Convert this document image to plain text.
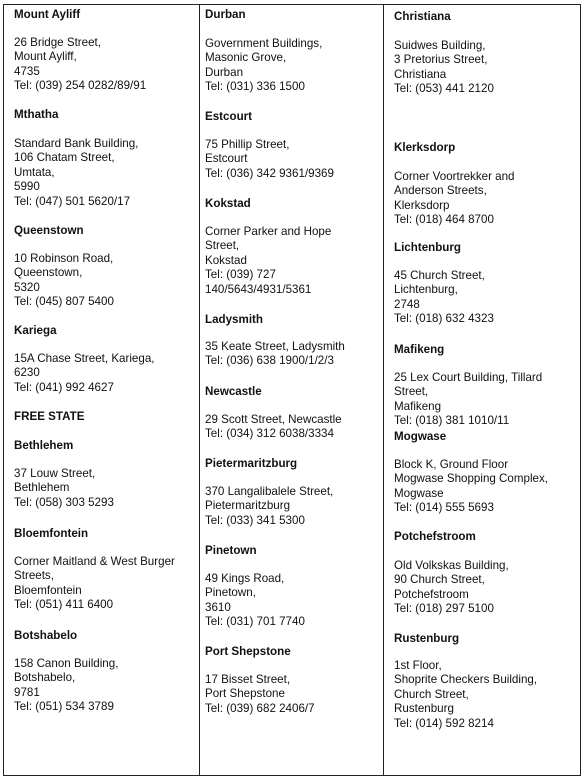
Mount Ayliff
26 Bridge Street,
Mount Ayliff,
4735
Tel: (039) 254 0282/89/91
Mthatha
Standard Bank Building,
106 Chatam Street,
Umtata,
5990
Tel: (047) 501 5620/17
Queenstown
10 Robinson Road,
Queenstown,
5320
Tel: (045) 807 5400
Kariega
15A Chase Street, Kariega,
6230
Tel: (041) 992 4627
FREE STATE
Bethlehem
37 Louw Street,
Bethlehem
Tel: (058) 303 5293
Bloemfontein
Corner Maitland & West Burger
Streets,
Bloemfontein
Tel: (051) 411 6400
Botshabelo
158 Canon Building,
Botshabelo,
9781
Tel: (051) 534 3789
Durban
Government Buildings,
Masonic Grove,
Durban
Tel: (031) 336 1500
Estcourt
75 Phillip Street,
Estcourt
Tel: (036) 342 9361/9369
Kokstad
Corner Parker and Hope
Street,
Kokstad
Tel: (039) 727
140/5643/4931/5361
Ladysmith
35 Keate Street, Ladysmith
Tel: (036) 638 1900/1/2/3
Newcastle
29 Scott Street, Newcastle
Tel: (034) 312 6038/3334
Pietermaritzburg
370 Langalibalele Street,
Pietermaritzburg
Tel: (033) 341 5300
Pinetown
49 Kings Road,
Pinetown,
3610
Tel: (031) 701 7740
Port Shepstone
17 Bisset Street,
Port Shepstone
Tel: (039) 682 2406/7
Christiana
Suidwes Building,
3 Pretorius Street,
Christiana
Tel: (053) 441 2120
Klerksdorp
Corner Voortrekker and
Anderson Streets,
Klerksdorp
Tel: (018) 464 8700
Lichtenburg
45 Church Street,
Lichtenburg,
2748
Tel: (018) 632 4323
Mafikeng
25 Lex Court Building, Tillard
Street,
Mafikeng
Tel: (018) 381 1010/11
Mogwase
Block K, Ground Floor
Mogwase Shopping Complex,
Mogwase
Tel: (014) 555 5693
Potchefstroom
Old Volkskas Building,
90 Church Street,
Potchefstroom
Tel: (018) 297 5100
Rustenburg
1st Floor,
Shoprite Checkers Building,
Church Street,
Rustenburg
Tel: (014) 592 8214
